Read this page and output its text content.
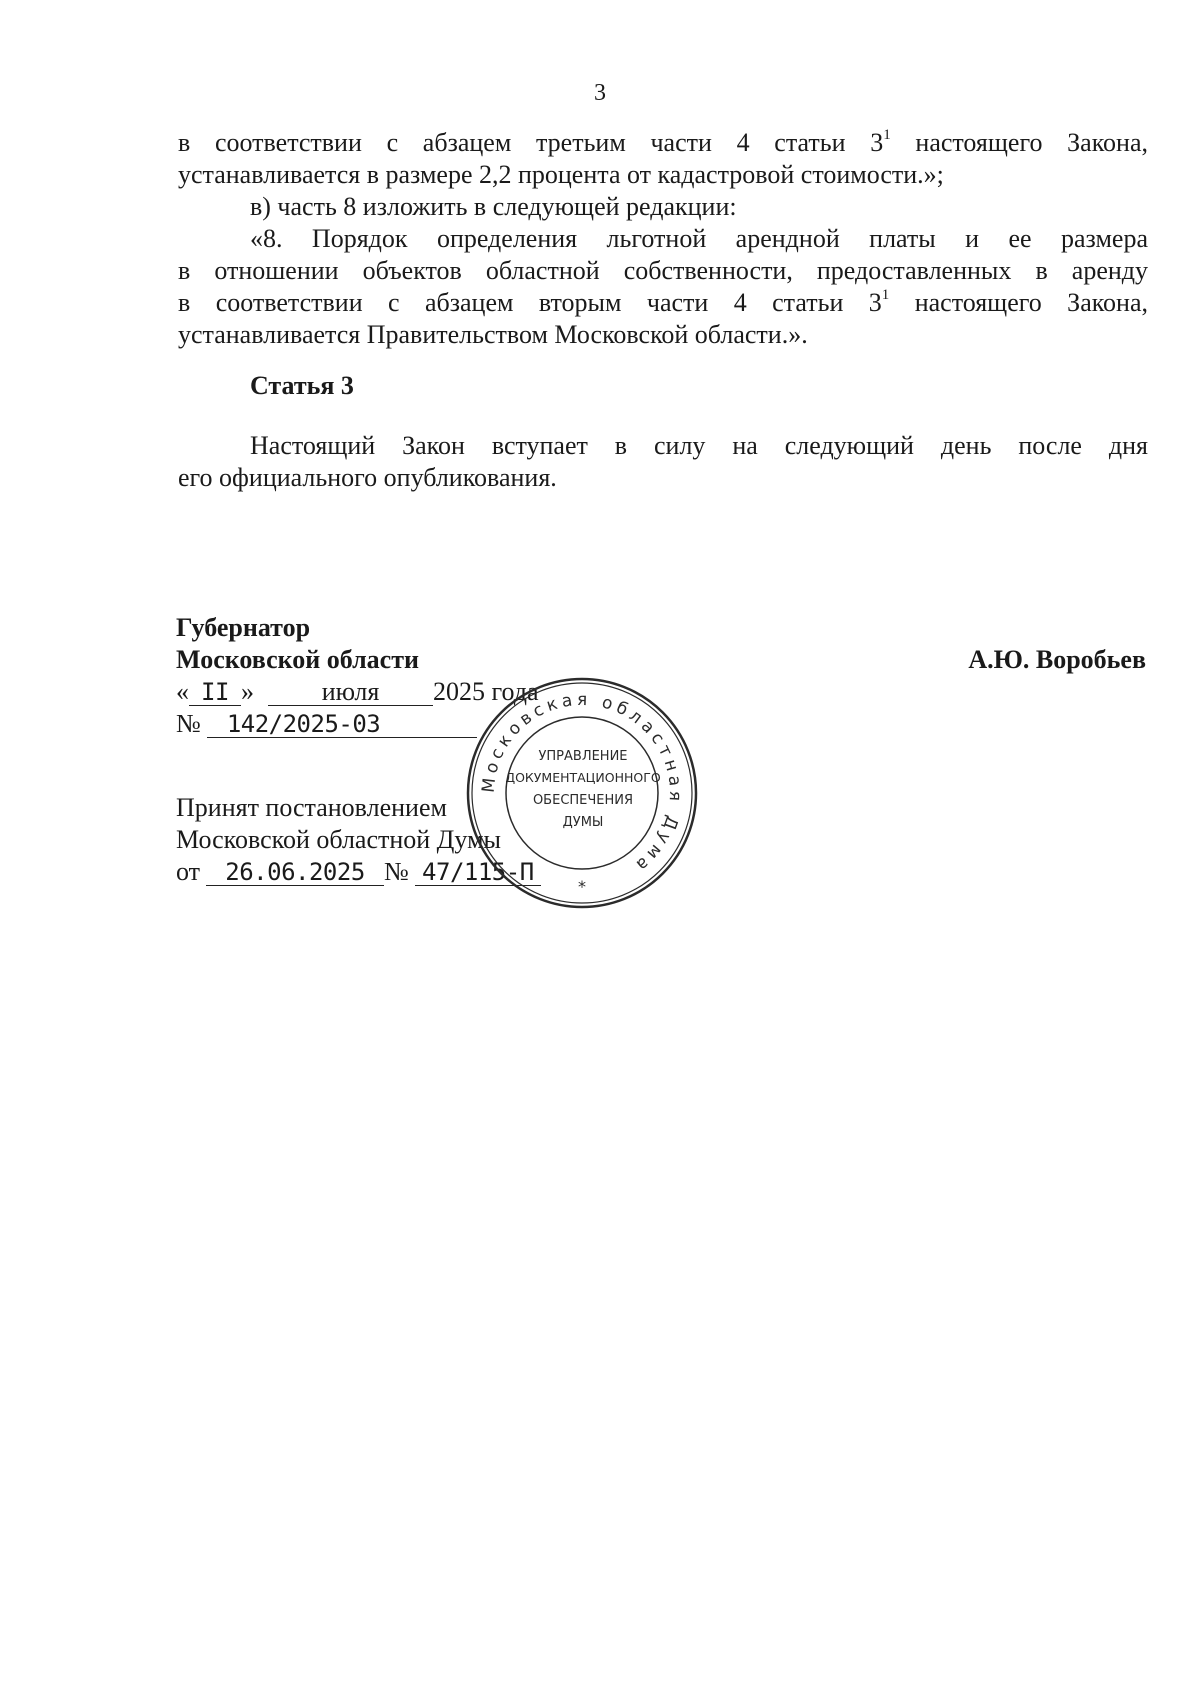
3
в соответствии с абзацем третьим части 4 статьи $3^1$ настоящего Закона,
устанавливается в размере 2,2 процента от кадастровой стоимости.»;
в) часть 8 изложить в следующей редакции:
«8. Порядок определения льготной арендной платы и ее размера
в отношении объектов областной собственности, предоставленных в аренду
в соответствии с абзацем вторым части 4 статьи $3^1$ настоящего Закона,
устанавливается Правительством Московской области.».
Статья 3
Настоящий Закон вступает в силу на следующий день после дня
его официального опубликования.
Губернатор
Московской области	А.Ю. Воробьев
« II »	июля 2025 года
№ 142/2025-03
Принят постановлением
Московской областной Думы
от 26.06.2025 № 47/115-П
Московская областная Дума
УПРАВЛЕНИЕ
ДОКУМЕНТАЦИОННОГО
ОБЕСПЕЧЕНИЯ
ДУМЫ
*
